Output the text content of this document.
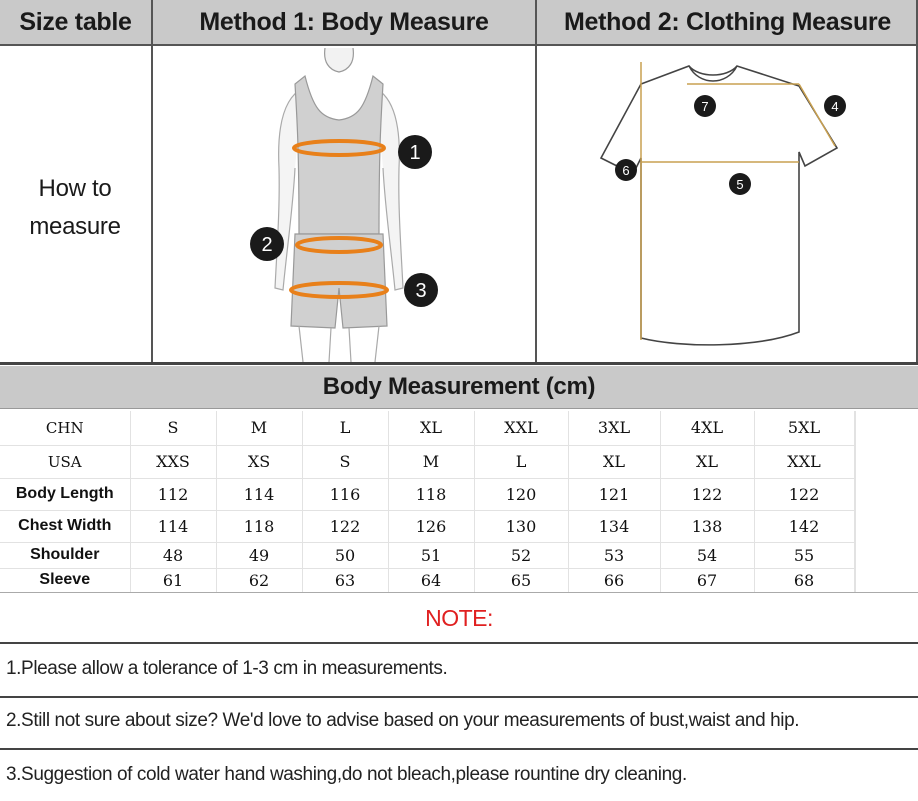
Size table	Method 1: Body Measure	Method 2: Clothing Measure
How to
measure
1
2
3
7	4
5
6
Body Measurement (cm)
CHN	S	M	L	XL	XXL	3XL	4XL	5XL	
USA	XXS	XS	S	M	L	XL	XL	XXL	
Body Length	112	114	116	118	120	121	122	122	
Chest Width	114	118	122	126	130	134	138	142	
Shoulder	48	49	50	51	52	53	54	55	
Sleeve	61	62	63	64	65	66	67	68	
NOTE:
1.Please allow a tolerance of 1-3 cm in measurements.
2.Still not sure about size? We'd love to advise based on your measurements of bust,waist and hip.
3.Suggestion of cold water hand washing,do not bleach,please rountine dry cleaning.
